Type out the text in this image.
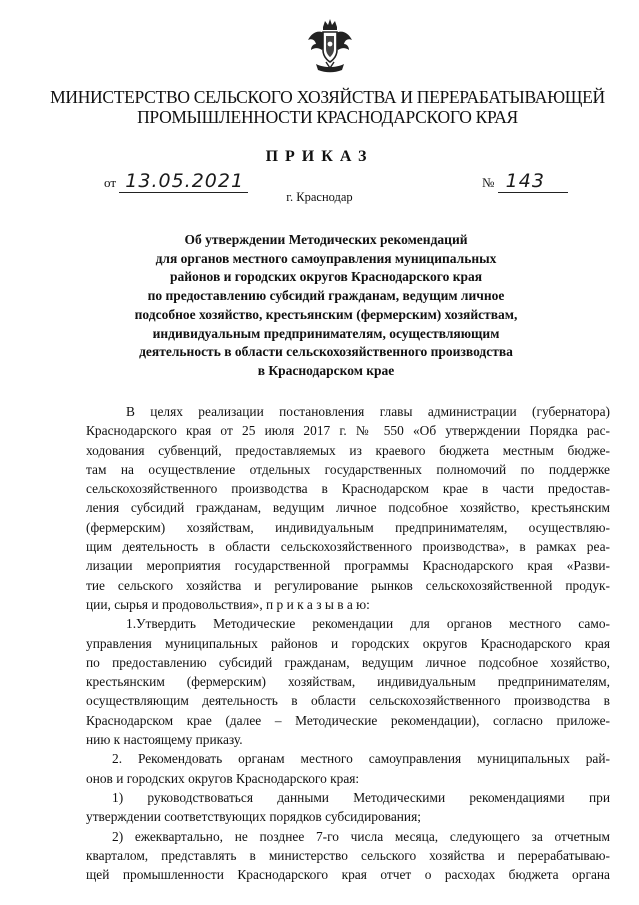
МИНИСТЕРСТВО СЕЛЬСКОГО ХОЗЯЙСТВА И ПЕРЕРАБАТЫВАЮЩЕЙ
ПРОМЫШЛЕННОСТИ КРАСНОДАРСКОГО КРАЯ
ПРИКАЗ
от 13.05.2021	№ 143
г. Краснодар
Об утверждении Методических рекомендаций
для органов местного самоуправления муниципальных
районов и городских округов Краснодарского края
по предоставлению субсидий гражданам, ведущим личное
подсобное хозяйство, крестьянским (фермерским) хозяйствам,
индивидуальным предпринимателям, осуществляющим
деятельность в области сельскохозяйственного производства
в Краснодарском крае
В целях реализации постановления главы администрации (губернатора)
Краснодарского края от 25 июля 2017 г. № 550 «Об утверждении Порядка рас-
ходования субвенций, предоставляемых из краевого бюджета местным бюдже-
там на осуществление отдельных государственных полномочий по поддержке
сельскохозяйственного производства в Краснодарском крае в части предостав-
ления субсидий гражданам, ведущим личное подсобное хозяйство, крестьянским
(фермерским) хозяйствам, индивидуальным предпринимателям, осуществляю-
щим деятельность в области сельскохозяйственного производства», в рамках реа-
лизации мероприятия государственной программы Краснодарского края «Разви-
тие сельского хозяйства и регулирование рынков сельскохозяйственной продук-
ции, сырья и продовольствия», п р и к а з ы в а ю:
1.Утвердить Методические рекомендации для органов местного само-
управления муниципальных районов и городских округов Краснодарского края
по предоставлению субсидий гражданам, ведущим личное подсобное хозяйство,
крестьянским (фермерским) хозяйствам, индивидуальным предпринимателям,
осуществляющим деятельность в области сельскохозяйственного производства в
Краснодарском крае (далее – Методические рекомендации), согласно приложе-
нию к настоящему приказу.
2. Рекомендовать органам местного самоуправления муниципальных рай-
онов и городских округов Краснодарского края:
1) руководствоваться данными Методическими рекомендациями при
утверждении соответствующих порядков субсидирования;
2) ежеквартально, не позднее 7-го числа месяца, следующего за отчетным
кварталом, представлять в министерство сельского хозяйства и перерабатываю-
щей промышленности Краснодарского края отчет о расходах бюджета органа
